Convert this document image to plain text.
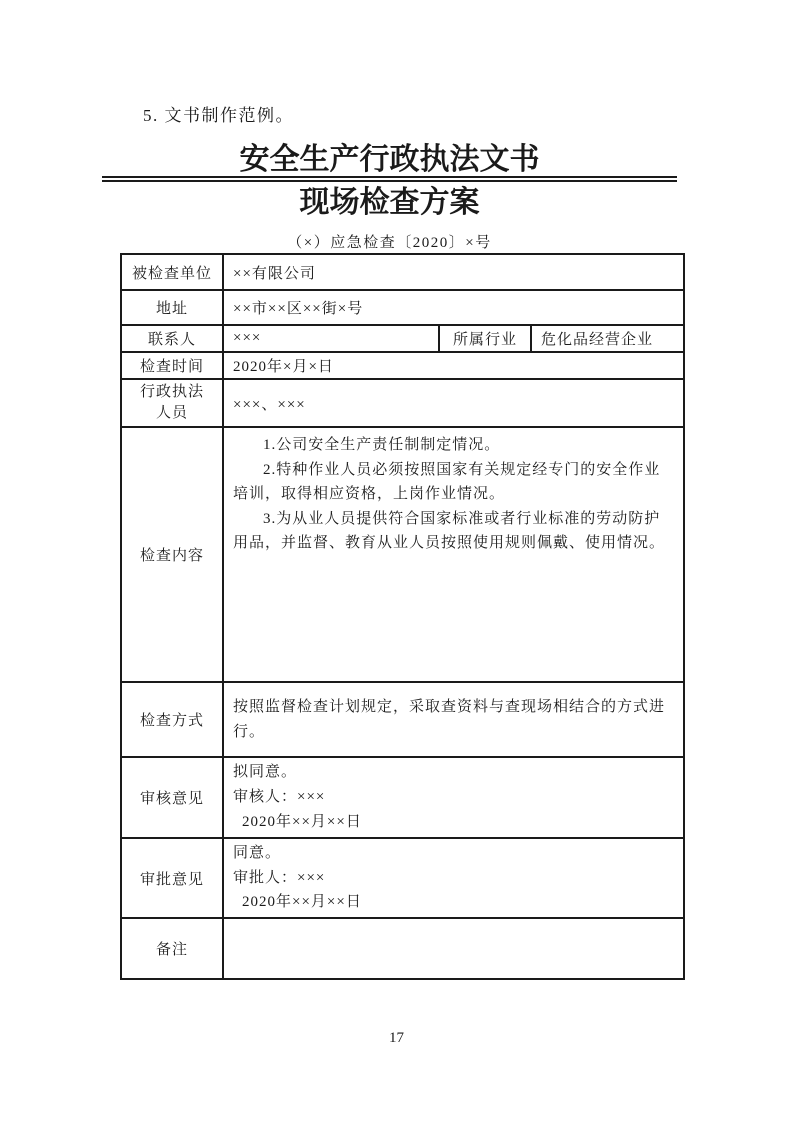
5. 文书制作范例。
安全生产行政执法文书
现场检查方案
（×）应急检查〔2020〕×号
被检查单位	××有限公司		
地址	××市××区××街×号		
联系人	×××	所属行业	危化品经营企业
检查时间	2020年×月×日		
行政执法人员	×××、×××		
检查内容	1.公司安全生产责任制制定情况。

2.特种作业人员必须按照国家有关规定经专门的安全作业培训，取得相应资格，上岗作业情况。

3.为从业人员提供符合国家标准或者行业标准的劳动防护用品，并监督、教育从业人员按照使用规则佩戴、使用情况。		

检查方式	按照监督检查计划规定，采取查资料与查现场相结合的方式进行。		

审核意见	拟同意。
审核人：×××
2020年××月××日		

审批意见	同意。
审批人：×××
2020年××月××日		

备注			
17
